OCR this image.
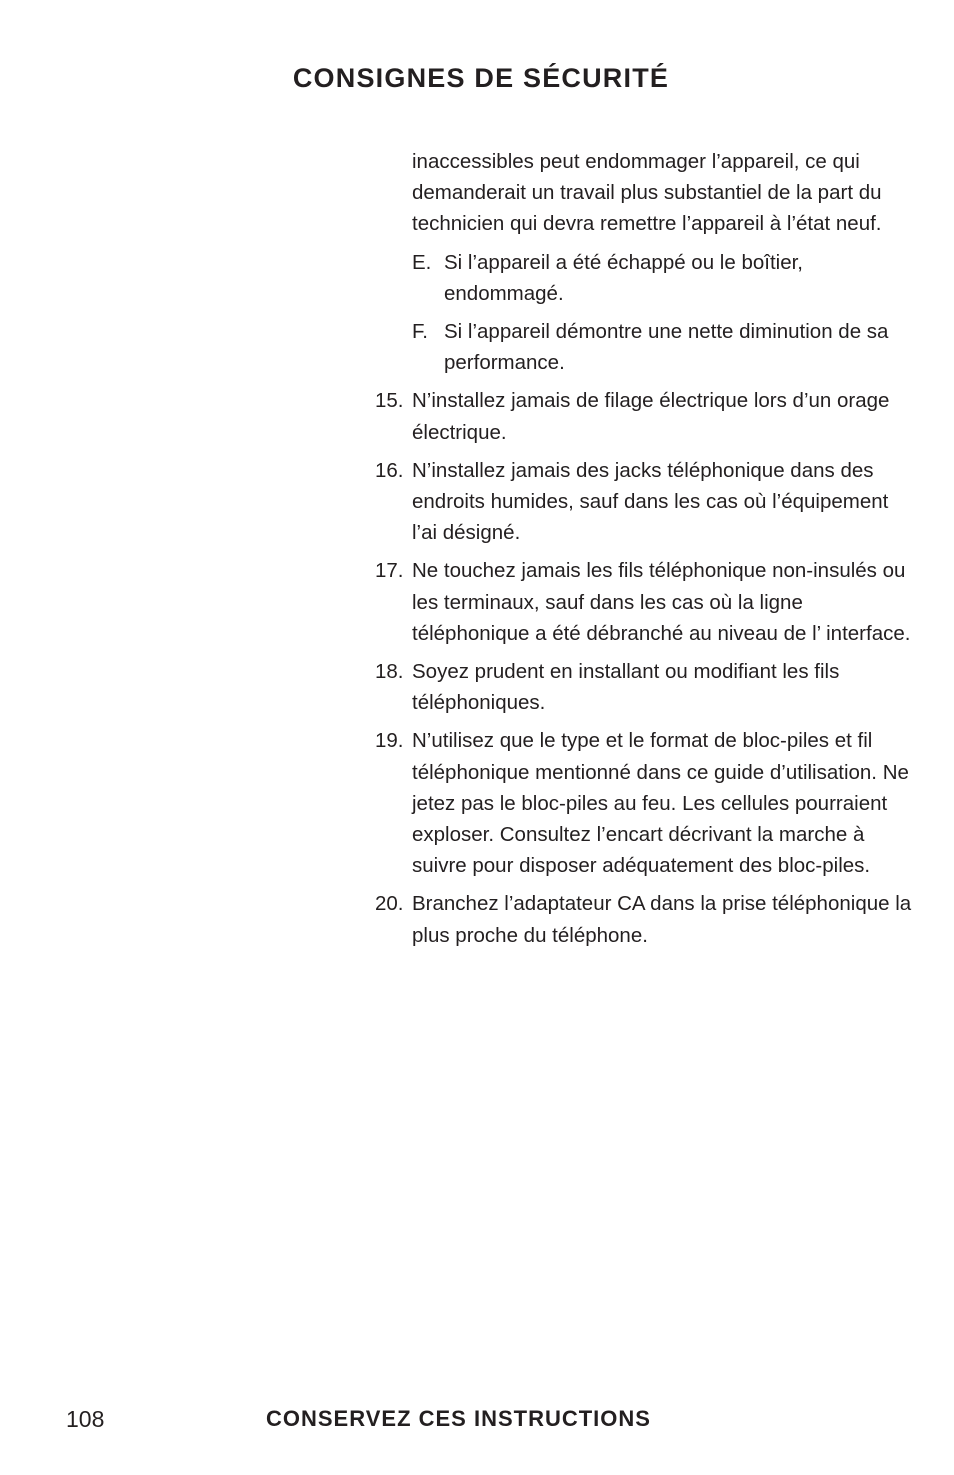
CONSIGNES DE SÉCURITÉ

inaccessibles peut endommager l’appareil, ce qui demanderait un travail plus substantiel de la part du technicien qui devra remettre l’appareil à l’état neuf.

E. Si l’appareil a été échappé ou le boîtier, endommagé.
F. Si l’appareil démontre une nette diminution de sa performance.
15. N’installez jamais de filage électrique lors d’un orage électrique.
16. N’installez jamais des jacks téléphonique dans des endroits humides, sauf dans les cas où l’équipement l’ai désigné.
17. Ne touchez jamais les fils téléphonique non-insulés ou les terminaux, sauf dans les cas où la ligne téléphonique a été débranché au niveau de l’ interface.
18. Soyez prudent en installant ou modifiant les fils téléphoniques.
19. N’utilisez que le type et le format de bloc-piles et fil téléphonique mentionné dans ce guide d’utilisation. Ne jetez pas le bloc-piles au feu. Les cellules pourraient exploser. Consultez l’encart décrivant la marche à suivre pour disposer adéquatement des bloc-piles.
20. Branchez l’adaptateur CA dans la prise téléphonique la plus proche du téléphone.
108	CONSERVEZ CES INSTRUCTIONS
